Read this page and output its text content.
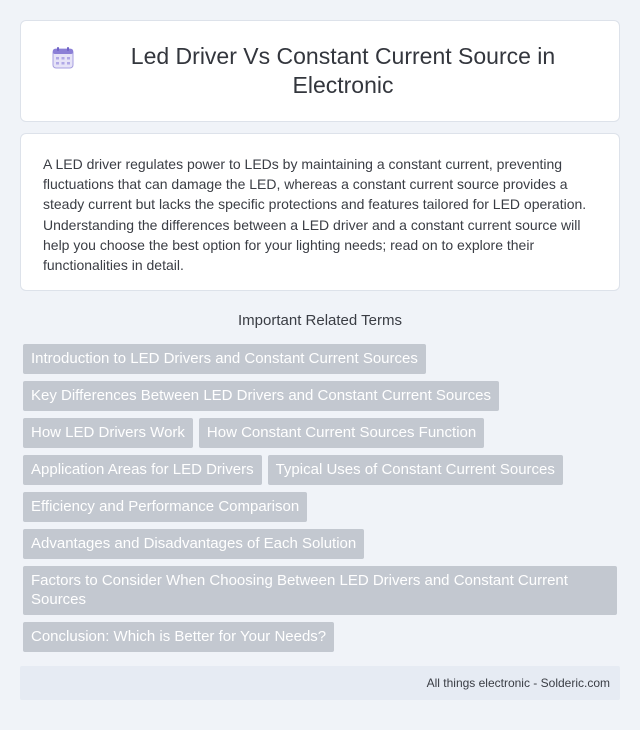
Led Driver Vs Constant Current Source in Electronic

A LED driver regulates power to LEDs by maintaining a constant current, preventing fluctuations that can damage the LED, whereas a constant current source provides a steady current but lacks the specific protections and features tailored for LED operation. Understanding the differences between a LED driver and a constant current source will help you choose the best option for your lighting needs; read on to explore their functionalities in detail.

Important Related Terms
Introduction to LED Drivers and Constant Current Sources
Key Differences Between LED Drivers and Constant Current Sources
How LED Drivers Work	How Constant Current Sources Function
Application Areas for LED Drivers	Typical Uses of Constant Current Sources
Efficiency and Performance Comparison
Advantages and Disadvantages of Each Solution
Factors to Consider When Choosing Between LED Drivers and Constant Current Sources
Conclusion: Which is Better for Your Needs?
All things electronic - Solderic.com
